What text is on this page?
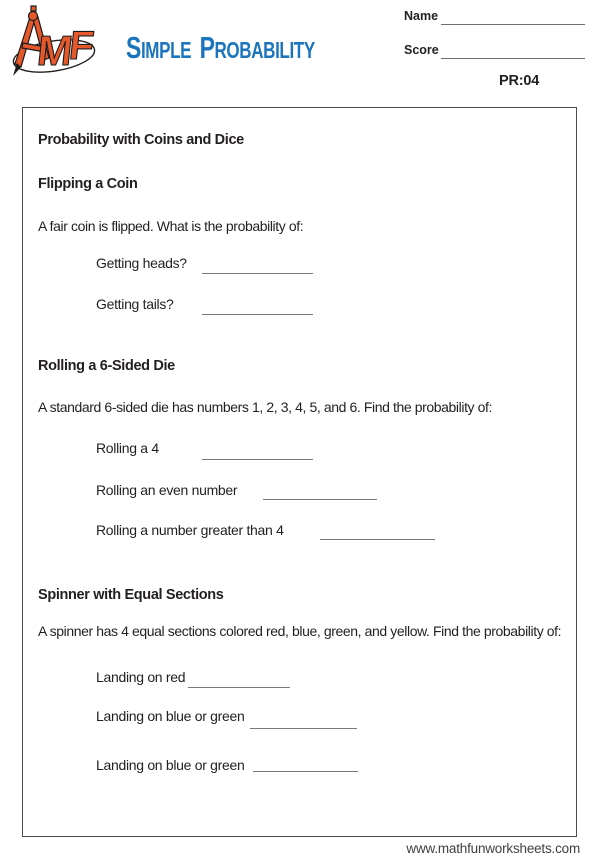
M
F SIMPLE PROBABILITY
Name
Score
PR:04
Probability with Coins and Dice
Flipping a Coin
A fair coin is flipped. What is the probability of:
Getting heads?
Getting tails?
Rolling a 6-Sided Die
A standard 6-sided die has numbers 1, 2, 3, 4, 5, and 6. Find the probability of:
Rolling a 4
Rolling an even number
Rolling a number greater than 4
Spinner with Equal Sections
A spinner has 4 equal sections colored red, blue, green, and yellow. Find the probability of:
Landing on red
Landing on blue or green
Landing on blue or green
www.mathfunworksheets.com
